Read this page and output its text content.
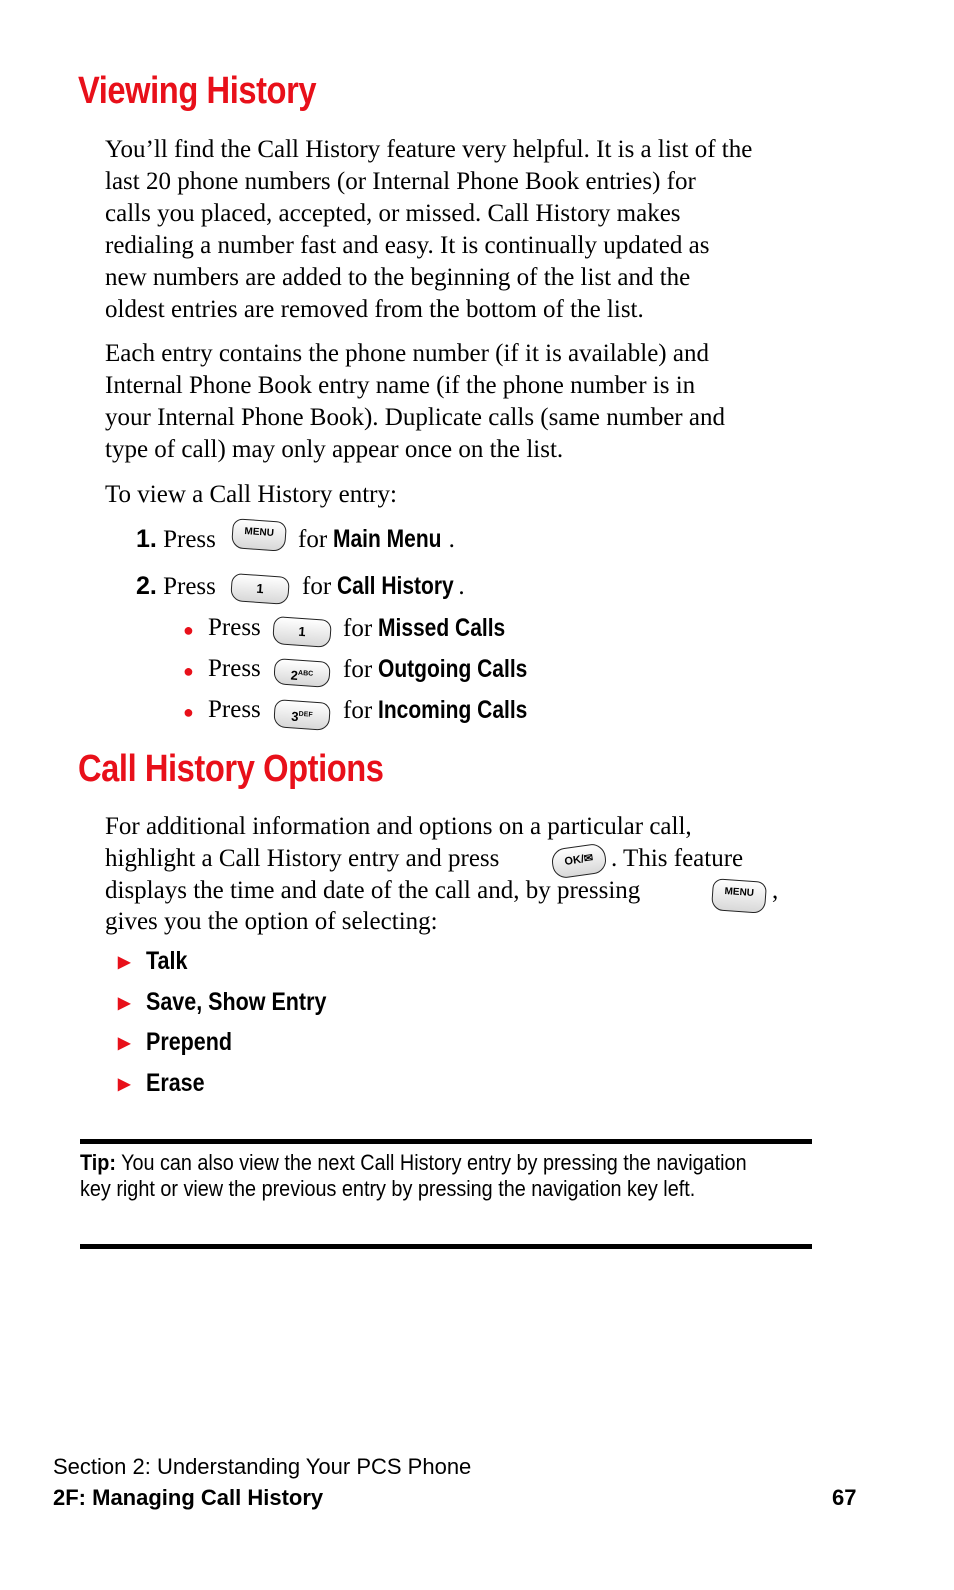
Viewing History
You’ll find the Call History feature very helpful. It is a list of the
last 20 phone numbers (or Internal Phone Book entries) for
calls you placed, accepted, or missed. Call History makes
redialing a number fast and easy. It is continually updated as
new numbers are added to the beginning of the list and the
oldest entries are removed from the bottom of the list.
Each entry contains the phone number (if it is available) and
Internal Phone Book entry name (if the phone number is in
your Internal Phone Book). Duplicate calls (same number and
type of call) may only appear once on the list.
To view a Call History entry:
1. Press	MENU for Main Menu .
2. Press	1	for Call History .
● Press	1	for Missed Calls
● Press	$2^{ABC}$	for Outgoing Calls
● Press	$3^{DEF}$	for Incoming Calls
Call History Options
For additional information and options on a particular call,
highlight a Call History entry and press	OK/✉ . This feature
displays the time and date of the call and, by pressing	MENU ,
gives you the option of selecting:
▶ Talk
▶ Save, Show Entry
▶ Prepend
▶ Erase
Tip: You can also view the next Call History entry by pressing the navigation key right or view the previous entry by pressing the navigation key left.
Section 2: Understanding Your PCS Phone
2F: Managing Call History	67
